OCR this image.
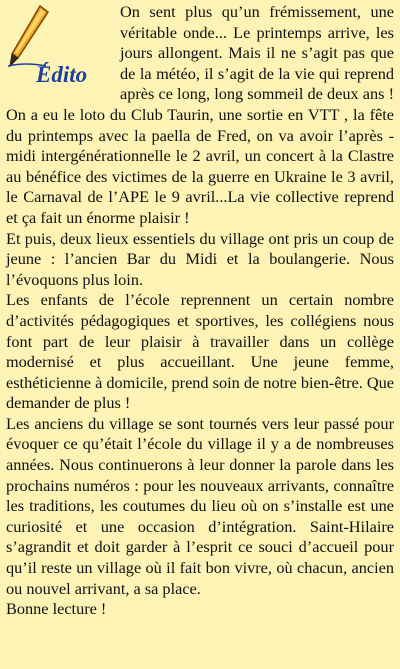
Édito

On sent plus qu’un frémissement, une véritable onde... Le printemps arrive, les jours allongent. Mais il ne s’agit pas que de la météo, il s’agit de la vie qui reprend après ce long, long sommeil de deux ans ! On a eu le loto du Club Taurin, une sortie en VTT , la fête du printemps avec la paella de Fred, on va avoir l’après -midi intergénérationnelle le 2 avril, un concert à la Clastre au bénéfice des victimes de la guerre en Ukraine le 3 avril, le Carnaval de l’APE le 9 avril...La vie collective reprend et ça fait un énorme plaisir !

Et puis, deux lieux essentiels du village ont pris un coup de jeune : l’ancien Bar du Midi et la boulangerie. Nous l’évoquons plus loin.

Les enfants de l’école reprennent un certain nombre d’activités pédagogiques et sportives, les collégiens nous font part de leur plaisir à travailler dans un collège modernisé et plus accueillant. Une jeune femme, esthéticienne à domicile, prend soin de notre bien-être. Que demander de plus !

Les anciens du village se sont tournés vers leur passé pour évoquer ce qu’était l’école du village il y a de nombreuses années. Nous continuerons à leur donner la parole dans les prochains numéros : pour les nouveaux arrivants, connaître les traditions, les coutumes du lieu où on s’installe est une curiosité et une occasion d’intégration. Saint-Hilaire s’agrandit et doit garder à l’esprit ce souci d’accueil pour qu’il reste un village où il fait bon vivre, où chacun, ancien ou nouvel arrivant, a sa place.

Bonne lecture !
